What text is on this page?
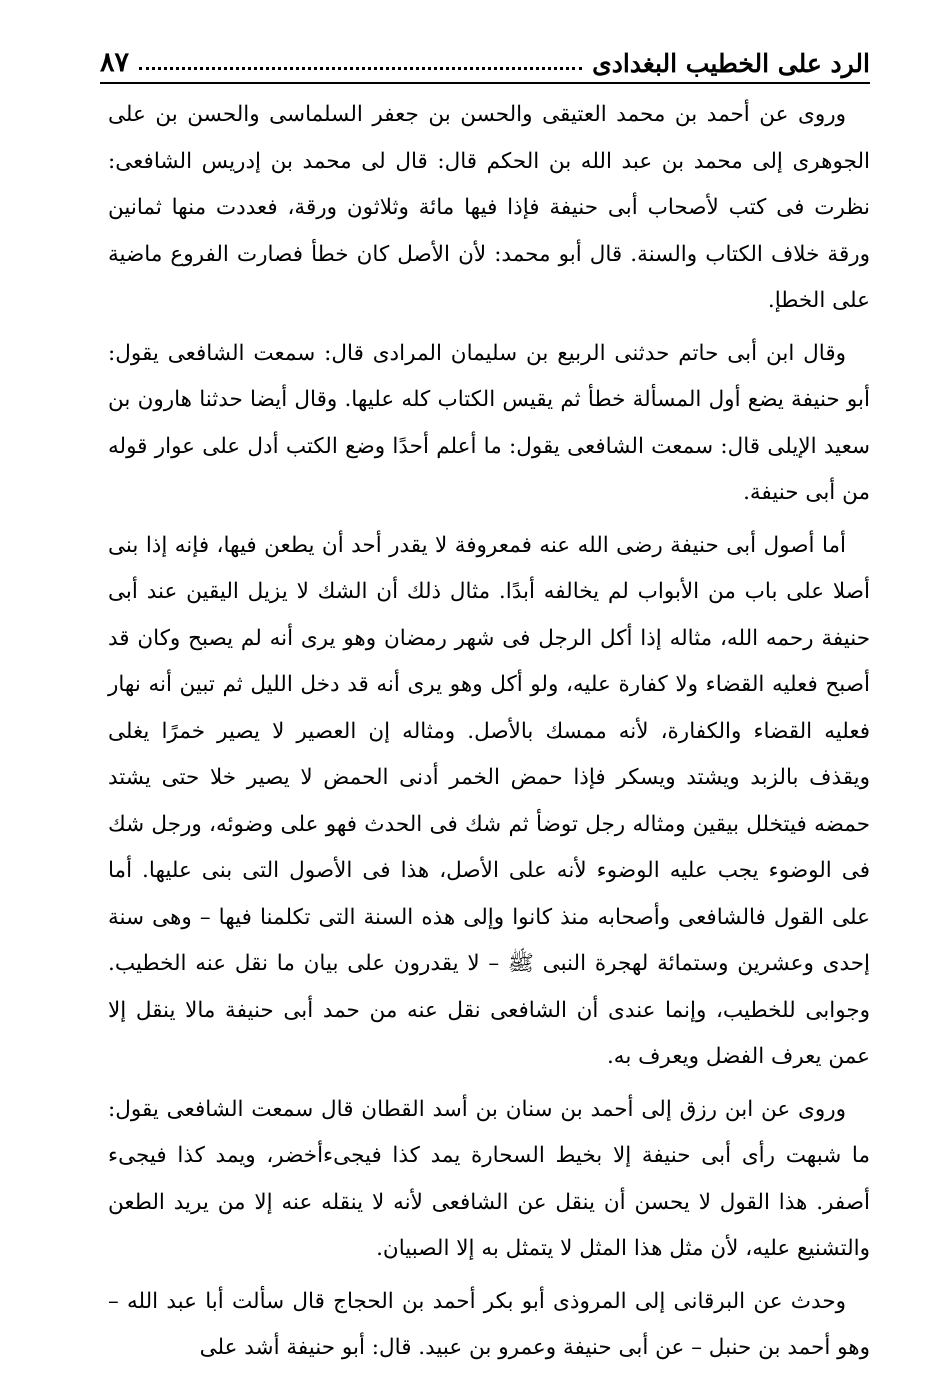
الرد على الخطيب البغدادى
٨٧

وروى عن أحمد بن محمد العتيقى والحسن بن جعفر السلماسى والحسن بن على الجوهرى إلى محمد بن عبد الله بن الحكم قال: قال لى محمد بن إدريس الشافعى: نظرت فى كتب لأصحاب أبى حنيفة فإذا فيها مائة وثلاثون ورقة، فعددت منها ثمانين ورقة خلاف الكتاب والسنة. قال أبو محمد: لأن الأصل كان خطأ فصارت الفروع ماضية على الخطإ.

وقال ابن أبى حاتم حدثنى الربيع بن سليمان المرادى قال: سمعت الشافعى يقول: أبو حنيفة يضع أول المسألة خطأ ثم يقيس الكتاب كله عليها. وقال أيضا حدثنا هارون بن سعيد الإيلى قال: سمعت الشافعى يقول: ما أعلم أحدًا وضع الكتب أدل على عوار قوله من أبى حنيفة.

أما أصول أبى حنيفة رضى الله عنه فمعروفة لا يقدر أحد أن يطعن فيها، فإنه إذا بنى أصلا على باب من الأبواب لم يخالفه أبدًا. مثال ذلك أن الشك لا يزيل اليقين عند أبى حنيفة رحمه الله، مثاله إذا أكل الرجل فى شهر رمضان وهو يرى أنه لم يصبح وكان قد أصبح فعليه القضاء ولا كفارة عليه، ولو أكل وهو يرى أنه قد دخل الليل ثم تبين أنه نهار فعليه القضاء والكفارة، لأنه ممسك بالأصل. ومثاله إن العصير لا يصير خمرًا يغلى ويقذف بالزبد ويشتد ويسكر فإذا حمض الخمر أدنى الحمض لا يصير خلا حتى يشتد حمضه فيتخلل بيقين ومثاله رجل توضأ ثم شك فى الحدث فهو على وضوئه، ورجل شك فى الوضوء يجب عليه الوضوء لأنه على الأصل، هذا فى الأصول التى بنى عليها. أما على القول فالشافعى وأصحابه منذ كانوا وإلى هذه السنة التى تكلمنا فيها – وهى سنة إحدى وعشرين وستمائة لهجرة النبى ﷺ – لا يقدرون على بيان ما نقل عنه الخطيب. وجوابى للخطيب، وإنما عندى أن الشافعى نقل عنه من حمد أبى حنيفة مالا ينقل إلا عمن يعرف الفضل ويعرف به.

وروى عن ابن رزق إلى أحمد بن سنان بن أسد القطان قال سمعت الشافعى يقول: ما شبهت رأى أبى حنيفة إلا بخيط السحارة يمد كذا فيجىءأخضر، ويمد كذا فيجىء أصفر. هذا القول لا يحسن أن ينقل عن الشافعى لأنه لا ينقله عنه إلا من يريد الطعن والتشنيع عليه، لأن مثل هذا المثل لا يتمثل به إلا الصبيان.

وحدث عن البرقانى إلى المروذى أبو بكر أحمد بن الحجاج قال سألت أبا عبد الله – وهو أحمد بن حنبل – عن أبى حنيفة وعمرو بن عبيد. قال: أبو حنيفة أشد على
